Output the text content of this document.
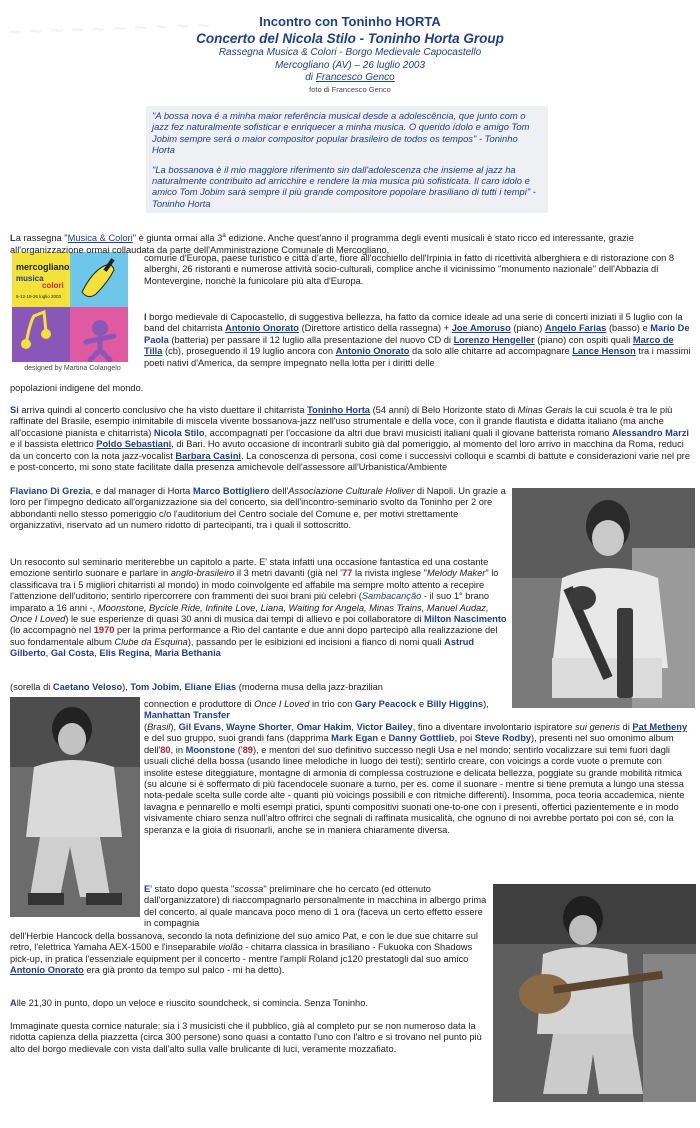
~ ~ ~ ~ ~ ~ ~ ~ ~ ~	Incontro con Toninho HORTA
Concerto del Nicola Stilo - Toninho Horta Group
Rassegna Musica & Colori - Borgo Medievale Capocastello
Mercogliano (AV) – 26 luglio 2003
di Francesco Genco
foto di Francesco Genco

"A bossa nova é a minha maior referência musical desde a adolescência, que junto com o jazz fez naturalmente sofisticar e enriquecer a minha musica. O querido ídolo e amigo Tom Jobim sempre será o maior compositor popular brasileiro de todos os tempos" - Toninho Horta

"La bossanova è il mio maggiore riferimento sin dall'adolescenza che insieme al jazz ha naturalmente contribuito ad arricchire e rendere la mia musica più sofisticata. Il caro idolo e amico Tom Jobim sarà sempre il più grande compositore popolare brasiliano di tutti i tempi" - Toninho Horta

mercogliano
musica
colori
5-12-19-26 luglio 2003
designed by Martina Colangelo
La rassegna "Musica & Colori" è giunta ormai alla 3$^a$ edizione. Anche quest'anno il programma degli eventi musicali è stato ricco ed interessante, grazie all'organizzazione ormai collaudata da parte dell'Amministrazione Comunale di Mercogliano,
comune d'Europa, paese turistico e città d'arte, fiore all'occhiello dell'Irpinia in fatto di ricettività alberghiera e di ristorazione con 8 alberghi, 26 ristoranti e numerose attività socio-culturali, complice anche il vicinissimo "monumento nazionale" dell'Abbazia di Montevergine, nonchè la funicolare più alta d'Europa.
I borgo medievale di Capocastello, di suggestiva bellezza, ha fatto da cornice ideale ad una serie di concerti iniziati il 5 luglio con la band del chitarrista Antonio Onorato (Direttore artistico della rassegna) + Joe Amoruso (piano) Angelo Farias (basso) e Mario De Paola (batteria) per passare il 12 luglio alla presentazione del nuovo CD di Lorenzo Hengeller (piano) con ospiti quali Marco de Tilla (cb), proseguendo il 19 luglio ancora con Antonio Onorato da solo alle chitarre ad accompagnare Lance Henson tra i massimi poeti nativi d'America, da sempre impegnato nella lotta per i diritti delle
popolazioni indigene del mondo.
Si arriva quindi al concerto conclusivo che ha visto duettare il chitarrista Toninho Horta (54 anni) di Belo Horizonte stato di Minas Gerais la cui scuola è tra le più raffinate del Brasile, esempio inimitabile di miscela vivente bossanova-jazz nell'uso strumentale e della voce, con il grande flautista e didatta italiano (ma anche all'occasione pianista e chitarrista) Nicola Stilo, accompagnati per l'occasione da altri due bravi musicisti italiani quali il giovane batterista romano Alessandro Marzi e il bassista elettrico Poldo Sebastiani, di Bari. Ho avuto occasione di incontrarli subito già dal pomeriggio, al momento del loro arrivo in macchina da Roma, reduci da un concerto con la nota jazz-vocalist Barbara Casini. La conoscenza di persona, così come i successivi colloqui e scambi di battute e considerazioni varie nel pre e post-concerto, mi sono state facilitate dalla presenza amichevole dell'assessore all'Urbanistica/Ambiente
Flaviano Di Grezia, e dal manager di Horta Marco Bottigliero dell'Associazione Culturale Holiver di Napoli. Un grazie a loro per l'impegno dedicato all'organizzazione sia del concerto, sia dell'incontro-seminario svolto da Toninho per 2 ore abbondanti nello stesso pomeriggio c/o l'auditorium del Centro sociale del Comune e, per motivi strettamente organizzativi, riservato ad un numero ridotto di partecipanti, tra i quali il sottoscritto.
Un resoconto sul seminario meriterebbe un capitolo a parte. E' stata infatti una occasione fantastica ed una costante emozione sentirlo suonare e parlare in anglo-brasileiro il 3 metri davanti (già nel '77 la rivista inglese "Melody Maker" lo classificava tra i 5 migliori chitarristi al mondo) in modo coinvolgente ed affabile ma sempre molto attento a recepire l'attenzione dell'uditorio; sentirlo ripercorrere con frammenti dei suoi brani più celebri (Sambacanção - il suo 1° brano imparato a 16 anni -, Moonstone, Bycicle Ride, Infinite Love, Liana, Waiting for Angela, Minas Trains, Manuel Audaz, Once I Loved) le sue esperienze di quasi 30 anni di musica dai tempi di allievo e poi collaboratore di Milton Nascimento (lo accompagnò nel 1970 per la prima performance a Rio del cantante e due anni dopo partecipò alla realizzazione del suo fondamentale album Clube da Esquina), passando per le esibizioni ed incisioni a fianco di nomi quali Astrud Gilberto, Gal Costa, Elis Regina, Maria Bethania
(sorella di Caetano Veloso), Tom Jobim, Eliane Elias (moderna musa della jazz-brazilian
connection e produttore di Once I Loved in trio con Gary Peacock e Billy Higgins), Manhattan Transfer
(Brasil), Gil Evans, Wayne Shorter, Omar Hakim, Victor Bailey, fino a diventare involontario ispiratore sui generis di Pat Metheny e del suo gruppo, suoi grandi fans (dapprima Mark Egan e Danny Gottlieb, poi Steve Rodby), presenti nel suo omonimo album dell'80, in Moonstone ('89), e mentori del suo definitivo successo negli Usa e nel mondo; sentirlo vocalizzare sui temi fuori dagli usuali cliché della bossa (usando linee melodiche in luogo dei testi); sentirlo creare, con voicings a corde vuote o premute con insolite estese diteggiature, montagne di armonia di complessa costruzione e delicata bellezza, poggiate su grande mobilità ritmica (su alcune si è soffermato di più facendocele suonare a turno, per es. come il suonare - mentre si tiene premuta a lungo una stessa nota-pedale scelta sulle corde alte - quanti più voicings possibili e con ritmiche differenti). Insomma, poca teoria accademica, niente lavagna e pennarello e molti esempi pratici, spunti compositivi suonati one-to-one con i presenti, offertici pazientemente e in modo visivamente chiaro senza null'altro offrirci che segnali di raffinata musicalità, che ognuno di noi avrebbe portato poi con sé, con la speranza e la gioia di risuonarli, anche se in maniera chiaramente diversa.
E' stato dopo questa "scossa" preliminare che ho cercato (ed ottenuto dall'organizzatore) di riaccompagnarlo personalmente in macchina in albergo prima del concerto, al quale mancava poco meno di 1 ora (faceva un certo effetto essere in compagnia
dell'Herbie Hancock della bossanova, secondo la nota definizione del suo amico Pat, e con le due sue chitarre sul retro, l'elettrica Yamaha AEX-1500 e l'inseparabile violão - chitarra classica in brasiliano - Fukuoka con Shadows pick-up, in pratica l'essenziale equipment per il concerto - mentre l'ampli Roland jc120 prestatogli dal suo amico Antonio Onorato era già pronto da tempo sul palco - mi ha detto).
Alle 21,30 in punto, dopo un veloce e riuscito soundcheck, si comincia. Senza Toninho.
Immaginate questa cornice naturale: sia i 3 musicisti che il pubblico, già al completo pur se non numeroso data la ridotta capienza della piazzetta (circa 300 persone) sono quasi a contatto l'uno con l'altro e si trovano nel punto più alto del borgo medievale con vista dall'alto sulla valle brulicante di luci, veramente mozzafiato.
